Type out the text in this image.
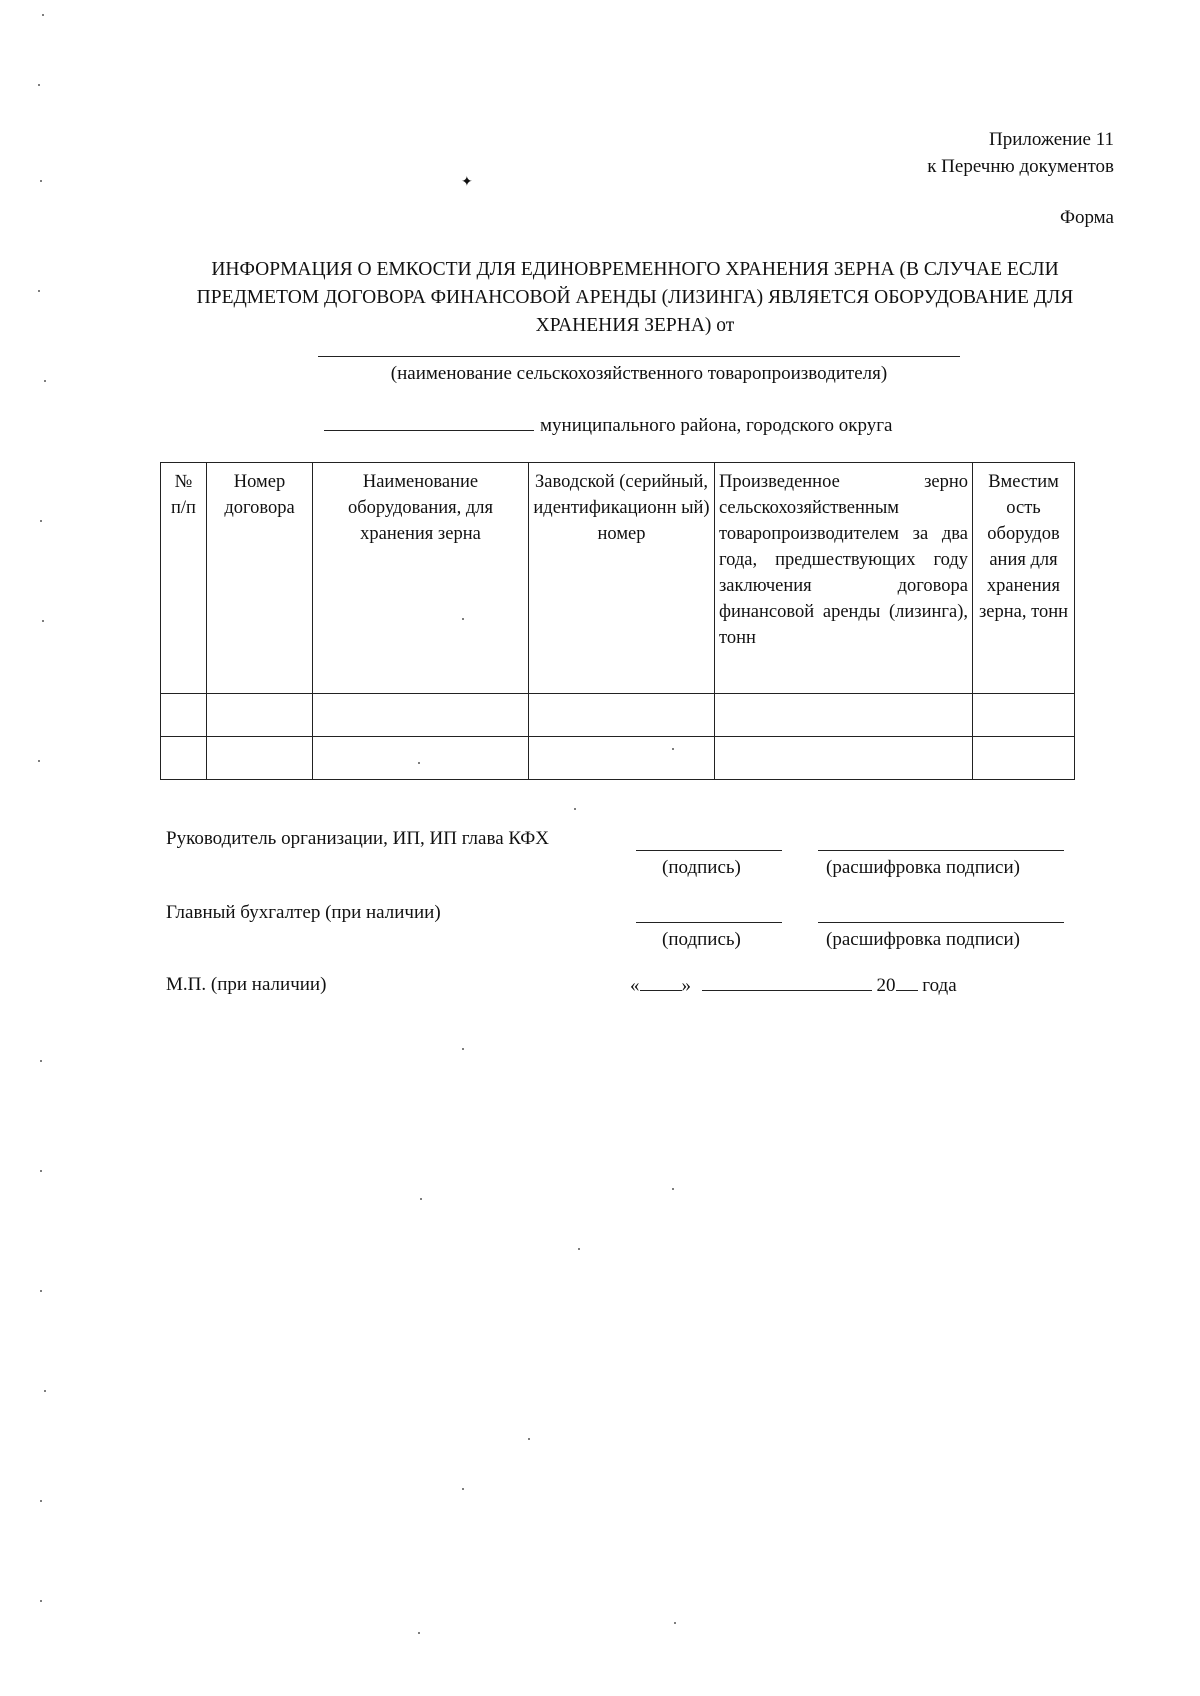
✦
Приложение 11
к Перечню документов
Форма
ИНФОРМАЦИЯ О ЕМКОСТИ ДЛЯ ЕДИНОВРЕМЕННОГО ХРАНЕНИЯ ЗЕРНА (В СЛУЧАЕ ЕСЛИ ПРЕДМЕТОМ ДОГОВОРА ФИНАНСОВОЙ АРЕНДЫ (ЛИЗИНГА) ЯВЛЯЕТСЯ ОБОРУДОВАНИЕ ДЛЯ ХРАНЕНИЯ ЗЕРНА) от
(наименование сельскохозяйственного товаропроизводителя)
муниципального района, городского округа
№ п/п	Номер договора	Наименование оборудования, для хранения зерна	Заводской (серийный, идентификационн ый) номер	Произведенное зерно сельскохозяйственным товаропроизводителем за два года, предшествующих году заключения договора финансовой аренды (лизинга), тонн	Вместим ость оборудов ания для хранения зерна, тонн

Руководитель организации, ИП, ИП глава КФХ
(подпись)	(расшифровка подписи)
Главный бухгалтер (при наличии)
(подпись)	(расшифровка подписи)
М.П. (при наличии)	« »	20 года
